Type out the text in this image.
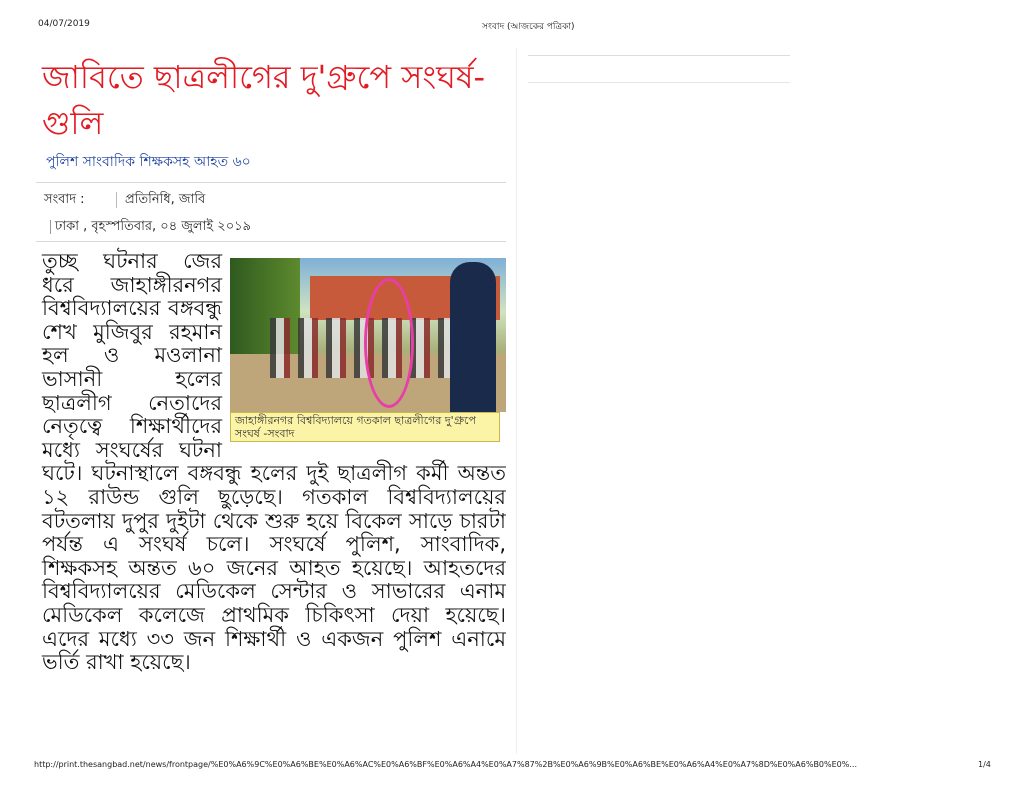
04/07/2019	সংবাদ (আজকের পত্রিকা)
জাবিতে ছাত্রলীগের দু'গ্রুপে সংঘর্ষ-গুলি
পুলিশ সাংবাদিক শিক্ষকসহ আহত ৬০
সংবাদ :	প্রতিনিধি, জাবি
ঢাকা , বৃহস্পতিবার, ০৪ জুলাই ২০১৯
জাহাঙ্গীরনগর বিশ্ববিদ্যালয়ে গতকাল ছাত্রলীগের দু'গ্রুপে সংঘর্ষ -সংবাদ
তুচ্ছ ঘটনার জের ধরে জাহাঙ্গীরনগর বিশ্ববিদ্যালয়ের বঙ্গবন্ধু শেখ মুজিবুর রহমান হল ও মওলানা ভাসানী হলের ছাত্রলীগ নেতাদের নেতৃত্বে শিক্ষার্থীদের মধ্যে সংঘর্ষের ঘটনা ঘটে। ঘটনাস্থালে বঙ্গবন্ধু হলের দুই ছাত্রলীগ কর্মী অন্তত ১২ রাউন্ড গুলি ছুড়েছে। গতকাল বিশ্ববিদ্যালয়ের বটতলায় দুপুর দুইটা থেকে শুরু হয়ে বিকেল সাড়ে চারটা পর্যন্ত এ সংঘর্ষ চলে। সংঘর্ষে পুলিশ, সাংবাদিক, শিক্ষকসহ অন্তত ৬০ জনের আহত হয়েছে। আহতদের বিশ্ববিদ্যালয়ের মেডিকেল সেন্টার ও সাভারের এনাম মেডিকেল কলেজে প্রাথমিক চিকিৎসা দেয়া হয়েছে। এদের মধ্যে ৩৩ জন শিক্ষার্থী ও একজন পুলিশ এনামে ভর্তি রাখা হয়েছে।
http://print.thesangbad.net/news/frontpage/%E0%A6%9C%E0%A6%BE%E0%A6%AC%E0%A6%BF%E0%A6%A4%E0%A7%87%2B%E0%A6%9B%E0%A6%BE%E0%A6%A4%E0%A7%8D%E0%A6%B0%E0%...	1/4
